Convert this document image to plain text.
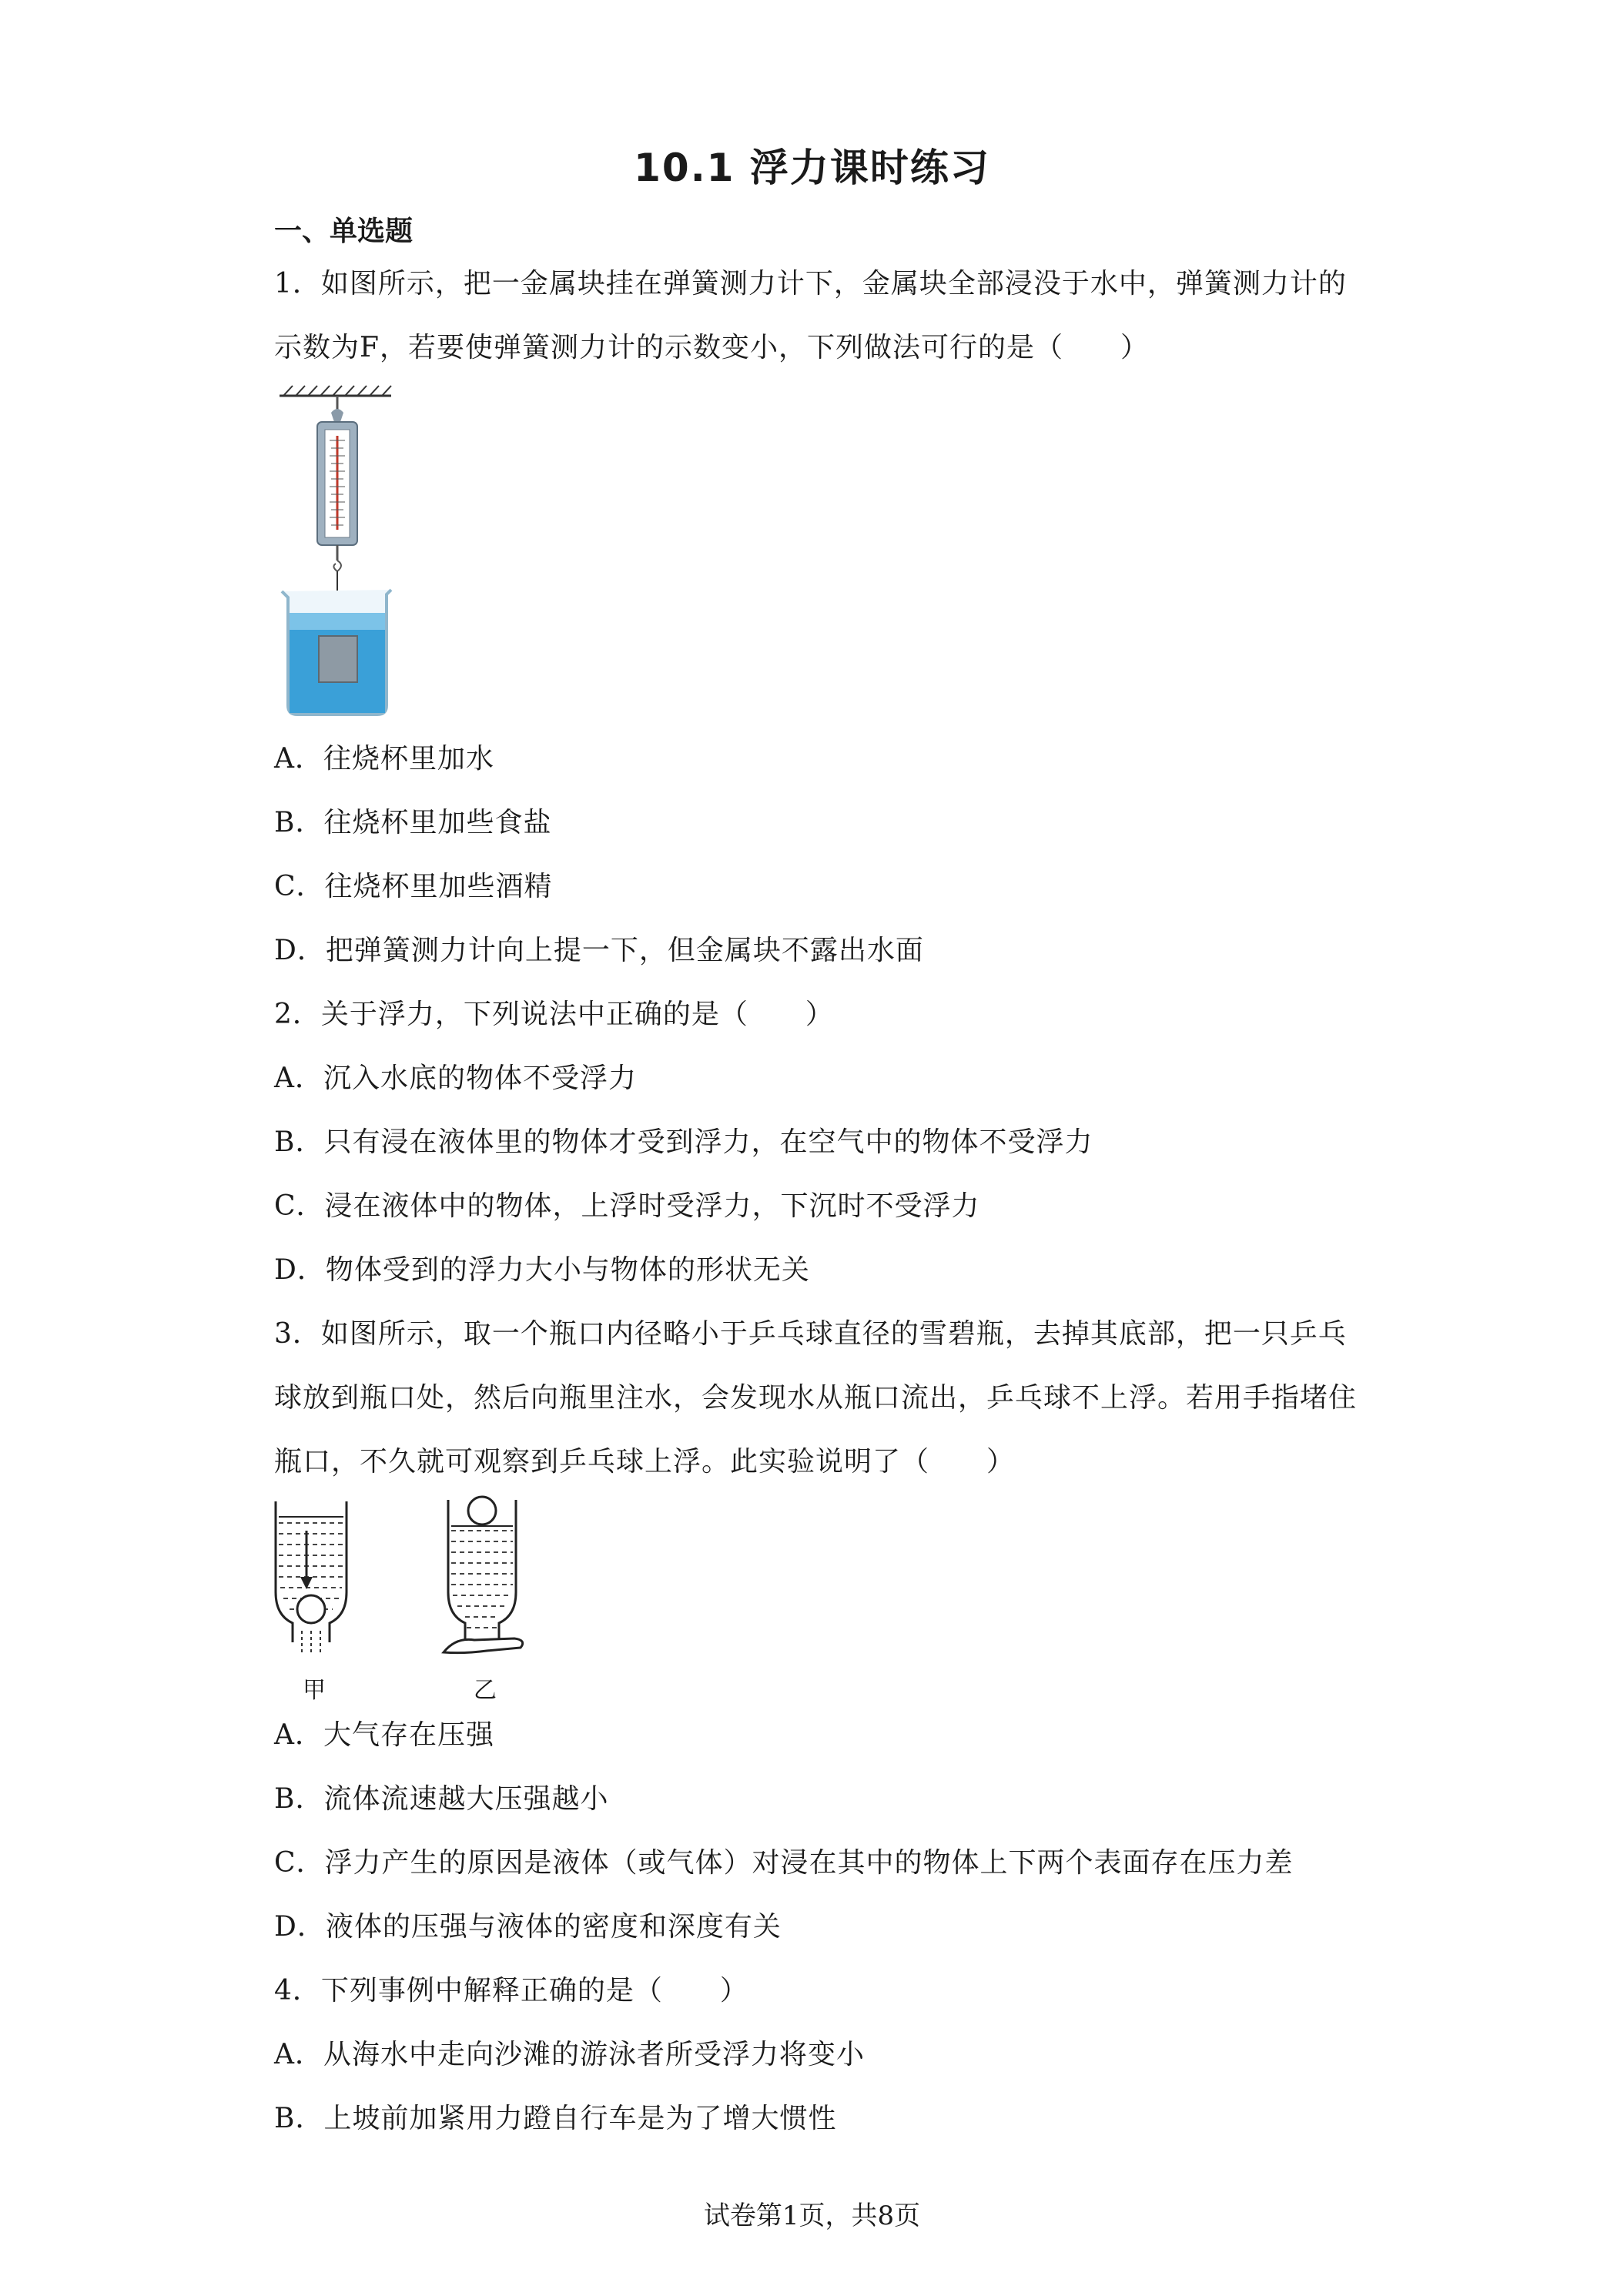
10.1 浮力课时练习
一、单选题
1．如图所示，把一金属块挂在弹簧测力计下，金属块全部浸没于水中，弹簧测力计的
示数为F，若要使弹簧测力计的示数变小，下列做法可行的是（　　）
A．往烧杯里加水
B．往烧杯里加些食盐
C．往烧杯里加些酒精
D．把弹簧测力计向上提一下，但金属块不露出水面
2．关于浮力，下列说法中正确的是（　　）
A．沉入水底的物体不受浮力
B．只有浸在液体里的物体才受到浮力，在空气中的物体不受浮力
C．浸在液体中的物体，上浮时受浮力，下沉时不受浮力
D．物体受到的浮力大小与物体的形状无关
3．如图所示，取一个瓶口内径略小于乒乓球直径的雪碧瓶，去掉其底部，把一只乒乓
球放到瓶口处，然后向瓶里注水，会发现水从瓶口流出，乒乓球不上浮。若用手指堵住
瓶口，不久就可观察到乒乓球上浮。此实验说明了（　　）
甲	乙
A．大气存在压强
B．流体流速越大压强越小
C．浮力产生的原因是液体（或气体）对浸在其中的物体上下两个表面存在压力差
D．液体的压强与液体的密度和深度有关
4．下列事例中解释正确的是（　　）
A．从海水中走向沙滩的游泳者所受浮力将变小
B．上坡前加紧用力蹬自行车是为了增大惯性
试卷第1页，共8页
